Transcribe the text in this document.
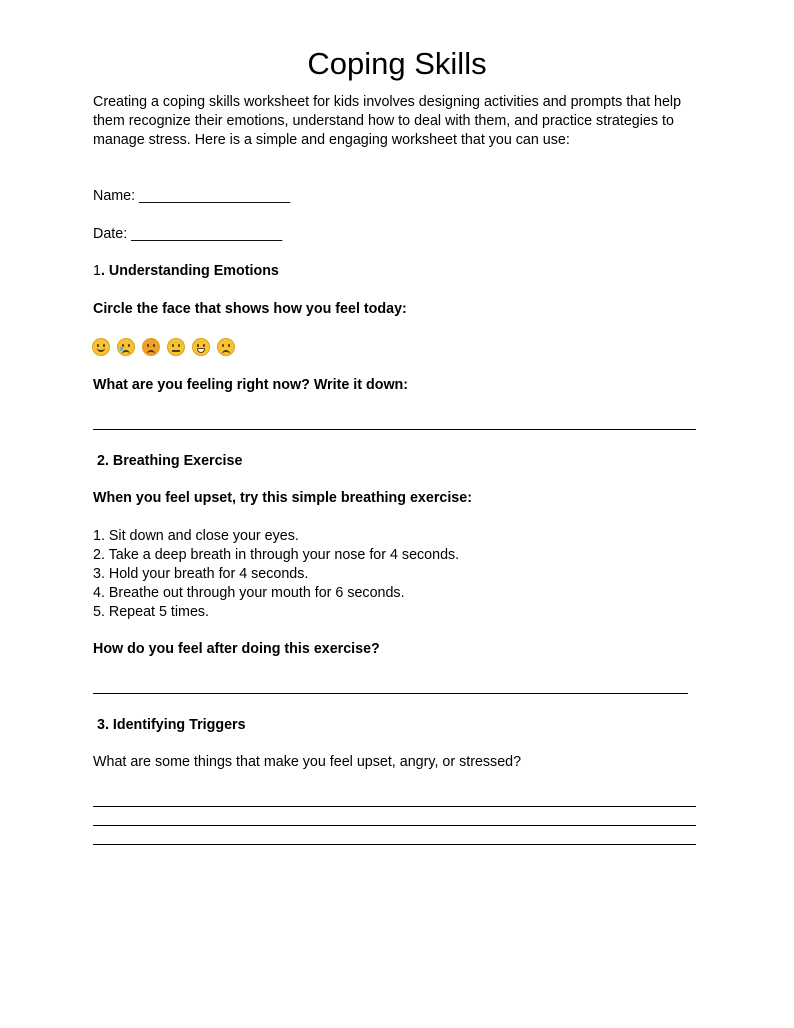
Coping Skills
Creating a coping skills worksheet for kids involves designing activities and prompts that help them recognize their emotions, understand how to deal with them, and practice strategies to manage stress. Here is a simple and engaging worksheet that you can use:
Name: ___________________
Date: ___________________
1. Understanding Emotions
Circle the face that shows how you feel today:
What are you feeling right now? Write it down:
2. Breathing Exercise
When you feel upset, try this simple breathing exercise:
1. Sit down and close your eyes.
2. Take a deep breath in through your nose for 4 seconds.
3. Hold your breath for 4 seconds.
4. Breathe out through your mouth for 6 seconds.
5. Repeat 5 times.
How do you feel after doing this exercise?
3. Identifying Triggers
What are some things that make you feel upset, angry, or stressed?
